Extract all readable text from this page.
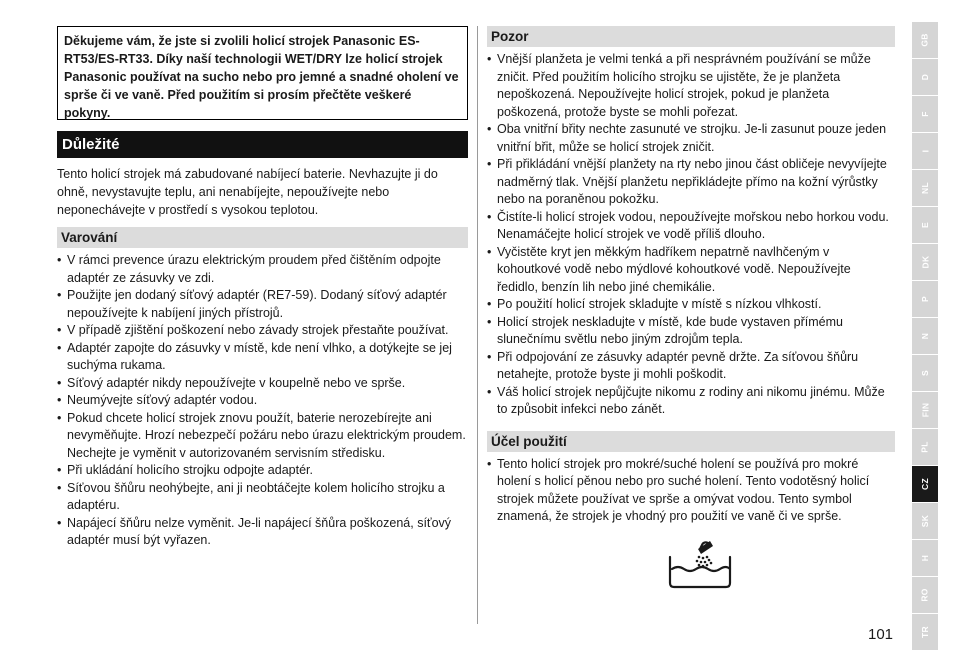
Děkujeme vám, že jste si zvolili holicí strojek Panasonic ES-RT53/ES-RT33. Díky naší technologii WET/DRY lze holicí strojek Panasonic používat na sucho nebo pro jemné a snadné oholení ve sprše či ve vaně. Před použitím si prosím přečtěte veškeré pokyny.
Důležité
Tento holicí strojek má zabudované nabíjecí baterie. Nevhazujte ji do ohně, nevystavujte teplu, ani nenabíjejte, nepoužívejte nebo neponechávejte v prostředí s vysokou teplotou.
Varování
• V rámci prevence úrazu elektrickým proudem před čištěním odpojte adaptér ze zásuvky ve zdi.
• Použijte jen dodaný síťový adaptér (RE7-59). Dodaný síťový adaptér nepoužívejte k nabíjení jiných přístrojů.
• V případě zjištění poškození nebo závady strojek přestaňte používat.
• Adaptér zapojte do zásuvky v místě, kde není vlhko, a dotýkejte se jej suchýma rukama.
• Síťový adaptér nikdy nepoužívejte v koupelně nebo ve sprše.
• Neumývejte síťový adaptér vodou.
• Pokud chcete holicí strojek znovu použít, baterie nerozebírejte ani nevyměňujte. Hrozí nebezpečí požáru nebo úrazu elektrickým proudem. Nechejte je vyměnit v autorizovaném servisním středisku.
• Při ukládání holicího strojku odpojte adaptér.
• Síťovou šňůru neohýbejte, ani ji neobtáčejte kolem holicího strojku a adaptéru.
• Napájecí šňůru nelze vyměnit. Je-li napájecí šňůra poškozená, síťový adaptér musí být vyřazen.
Pozor
• Vnější planžeta je velmi tenká a při nesprávném používání se může zničit. Před použitím holicího strojku se ujistěte, že je planžeta nepoškozená. Nepoužívejte holicí strojek, pokud je planžeta poškozená, protože byste se mohli pořezat.
• Oba vnitřní břity nechte zasunuté ve strojku. Je-li zasunut pouze jeden vnitřní břit, může se holicí strojek zničit.
• Při přikládání vnější planžety na rty nebo jinou část obličeje nevyvíjejte nadměrný tlak. Vnější planžetu nepřikládejte přímo na kožní výrůstky nebo na poraněnou pokožku.
• Čistíte-li holicí strojek vodou, nepoužívejte mořskou nebo horkou vodu. Nenamáčejte holicí strojek ve vodě příliš dlouho.
• Vyčistěte kryt jen měkkým hadříkem nepatrně navlhčeným v kohoutkové vodě nebo mýdlové kohoutkové vodě. Nepoužívejte ředidlo, benzín lih nebo jiné chemikálie.
• Po použití holicí strojek skladujte v místě s nízkou vlhkostí.
• Holicí strojek neskladujte v místě, kde bude vystaven přímému slunečnímu světlu nebo jiným zdrojům tepla.
• Při odpojování ze zásuvky adaptér pevně držte. Za síťovou šňůru netahejte, protože byste ji mohli poškodit.
• Váš holicí strojek nepůjčujte nikomu z rodiny ani nikomu jinému. Může to způsobit infekci nebo zánět.
Účel použití
• Tento holicí strojek pro mokré/suché holení se používá pro mokré holení s holicí pěnou nebo pro suché holení. Tento vodotěsný holicí strojek můžete používat ve sprše a omývat vodou. Tento symbol znamená, že strojek je vhodný pro použití ve vaně či ve sprše.
101
GB
D
F
I
NL
E
DK
P
N
S
FIN
PL
CZ
SK
H
RO
TR
